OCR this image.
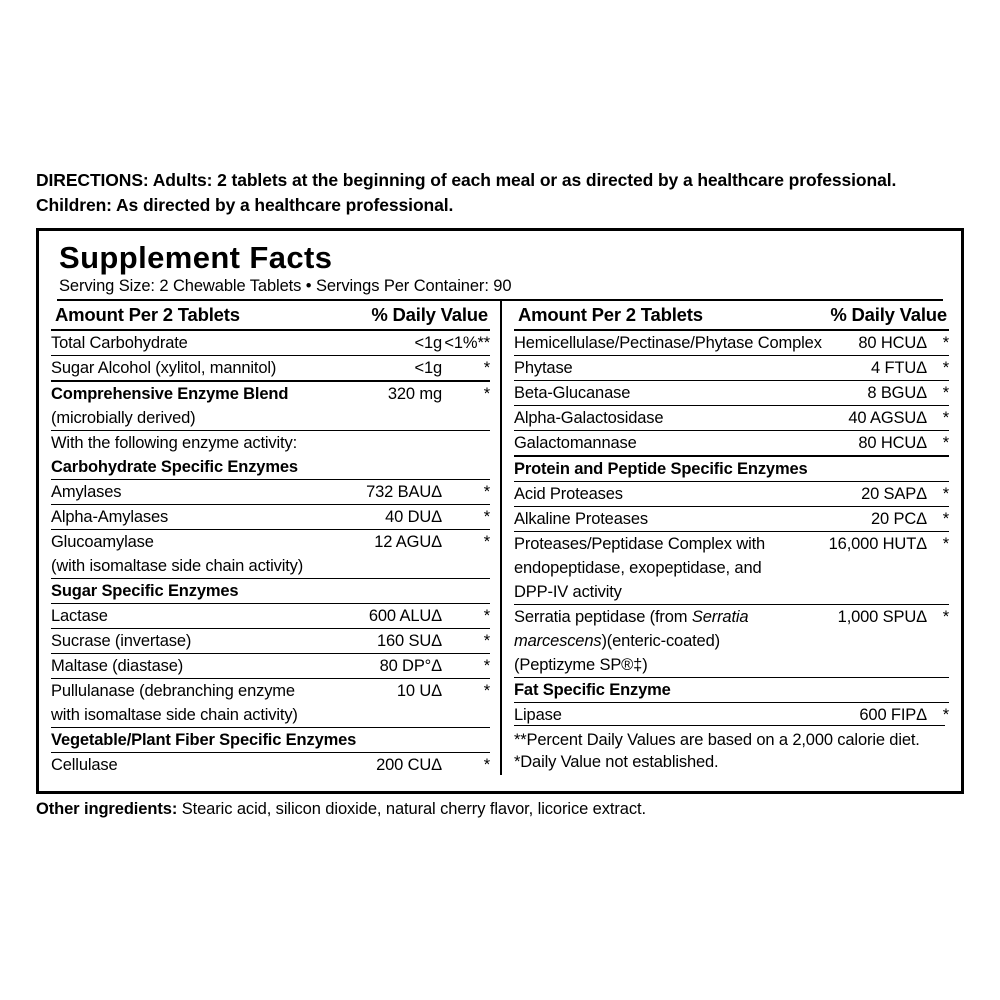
DIRECTIONS: Adults: 2 tablets at the beginning of each meal or as directed by a healthcare professional.
Children: As directed by a healthcare professional.
Supplement Facts
Serving Size: 2 Chewable Tablets • Servings Per Container: 90
Amount Per 2 Tablets	% Daily Value
Total Carbohydrate	<1g	<1%**
Sugar Alcohol (xylitol, mannitol)	<1g	*
Comprehensive Enzyme Blend	320 mg	*
(microbially derived)		
With the following enzyme activity:		
Carbohydrate Specific Enzymes		
Amylases	732 BAUΔ	*
Alpha-Amylases	40 DUΔ	*
Glucoamylase	12 AGUΔ	*
(with isomaltase side chain activity)		
Sugar Specific Enzymes		
Lactase	600 ALUΔ	*
Sucrase (invertase)	160 SUΔ	*
Maltase (diastase)	80 DP°Δ	*
Pullulanase (debranching enzyme	10 UΔ	*
with isomaltase side chain activity)		
Vegetable/Plant Fiber Specific Enzymes		
Cellulase	200 CUΔ	*
Amount Per 2 Tablets	% Daily Value
Hemicellulase/Pectinase/Phytase Complex	80 HCUΔ	*
Phytase	4 FTUΔ	*
Beta-Glucanase	8 BGUΔ	*
Alpha-Galactosidase	40 AGSUΔ	*
Galactomannase	80 HCUΔ	*
Protein and Peptide Specific Enzymes		
Acid Proteases	20 SAPΔ	*
Alkaline Proteases	20 PCΔ	*
Proteases/Peptidase Complex with	16,000 HUTΔ	*
endopeptidase, exopeptidase, and		
DPP-IV activity		
Serratia peptidase (from Serratia	1,000 SPUΔ	*
marcescens)(enteric-coated)		
(Peptizyme SP®‡)		
Fat Specific Enzyme		
Lipase	600 FIPΔ	*
**Percent Daily Values are based on a 2,000 calorie diet.
*Daily Value not established.
Other ingredients: Stearic acid, silicon dioxide, natural cherry flavor, licorice extract.
